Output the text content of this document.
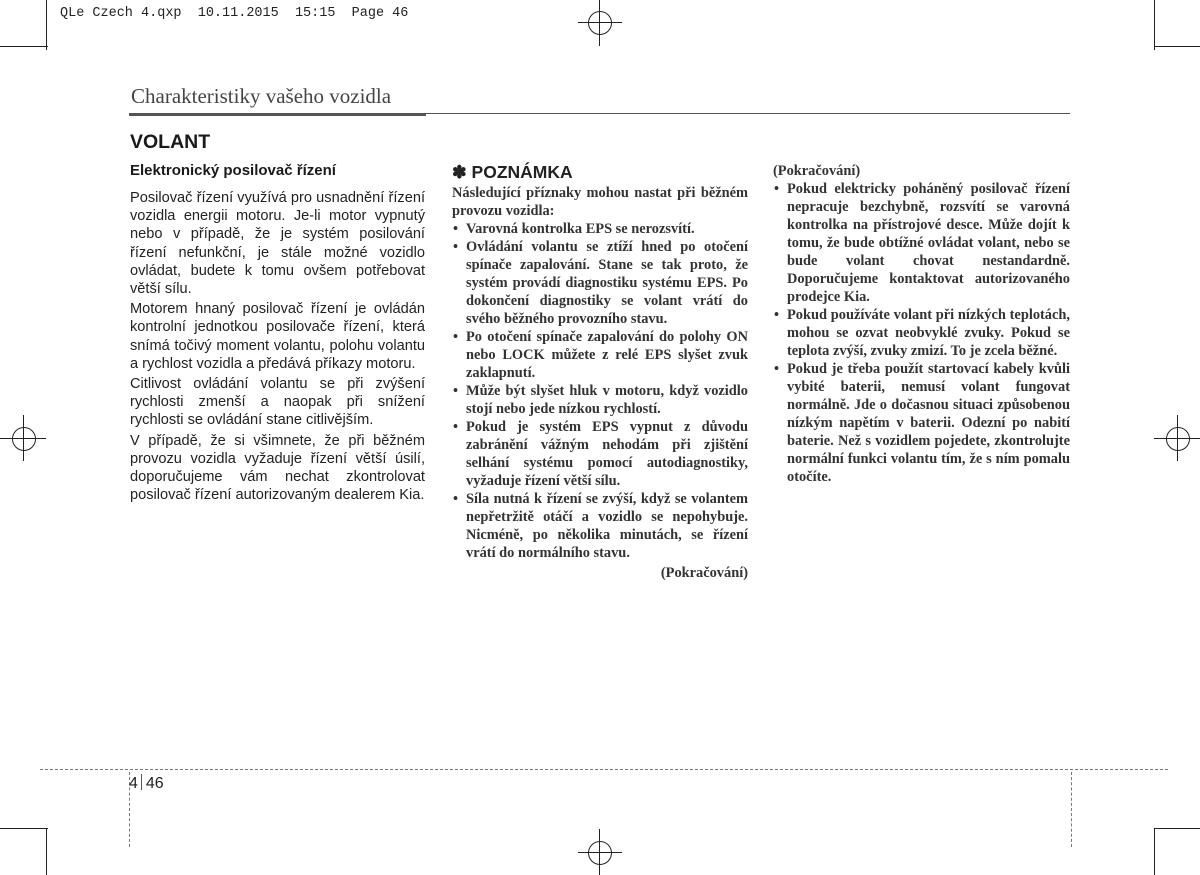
QLe Czech 4.qxp  10.11.2015  15:15  Page 46
Charakteristiky vašeho vozidla
VOLANT
Elektronický posilovač řízení

Posilovač řízení využívá pro usnadnění řízení vozidla energii motoru. Je-li motor vypnutý nebo v případě, že je systém posilování řízení nefunkční, je stále možné vozidlo ovládat, budete k tomu ovšem potřebovat větší sílu.

Motorem hnaný posilovač řízení je ovládán kontrolní jednotkou posilovače řízení, která snímá točivý moment volantu, polohu volantu a rychlost vozidla a předává příkazy motoru.

Citlivost ovládání volantu se při zvýšení rychlosti zmenší a naopak při snížení rychlosti se ovládání stane citlivějším.

V případě, že si všimnete, že při běžném provozu vozidla vyžaduje řízení větší úsilí, doporučujeme vám nechat zkontrolovat posilovač řízení autorizovaným dealerem Kia.

✽ POZNÁMKA

Následující příznaky mohou nastat při běžném provozu vozidla:

• Varovná kontrolka EPS se nerozsvítí.
• Ovládání volantu se ztíží hned po otočení spínače zapalování. Stane se tak proto, že systém provádí diagnostiku systému EPS. Po dokončení diagnostiky se volant vrátí do svého běžného provozního stavu.
• Po otočení spínače zapalování do polohy ON nebo LOCK můžete z relé EPS slyšet zvuk zaklapnutí.
• Může být slyšet hluk v motoru, když vozidlo stojí nebo jede nízkou rychlostí.
• Pokud je systém EPS vypnut z důvodu zabránění vážným nehodám při zjištění selhání systému pomocí autodiagnostiky, vyžaduje řízení větší sílu.
• Síla nutná k řízení se zvýší, když se volantem nepřetržitě otáčí a vozidlo se nepohybuje. Nicméně, po několika minutách, se řízení vrátí do normálního stavu.

(Pokračování)

(Pokračování)

• Pokud elektricky poháněný posilovač řízení nepracuje bezchybně, rozsvítí se varovná kontrolka na přístrojové desce. Může dojít k tomu, že bude obtížné ovládat volant, nebo se bude volant chovat nestandardně. Doporučujeme kontaktovat autorizovaného prodejce Kia.
• Pokud používáte volant při nízkých teplotách, mohou se ozvat neobvyklé zvuky. Pokud se teplota zvýší, zvuky zmizí. To je zcela běžné.
• Pokud je třeba použít startovací kabely kvůli vybité baterii, nemusí volant fungovat normálně. Jde o dočasnou situaci způsobenou nízkým napětím v baterii. Odezní po nabití baterie. Než s vozidlem pojedete, zkontrolujte normální funkci volantu tím, že s ním pomalu otočíte.
4 46
